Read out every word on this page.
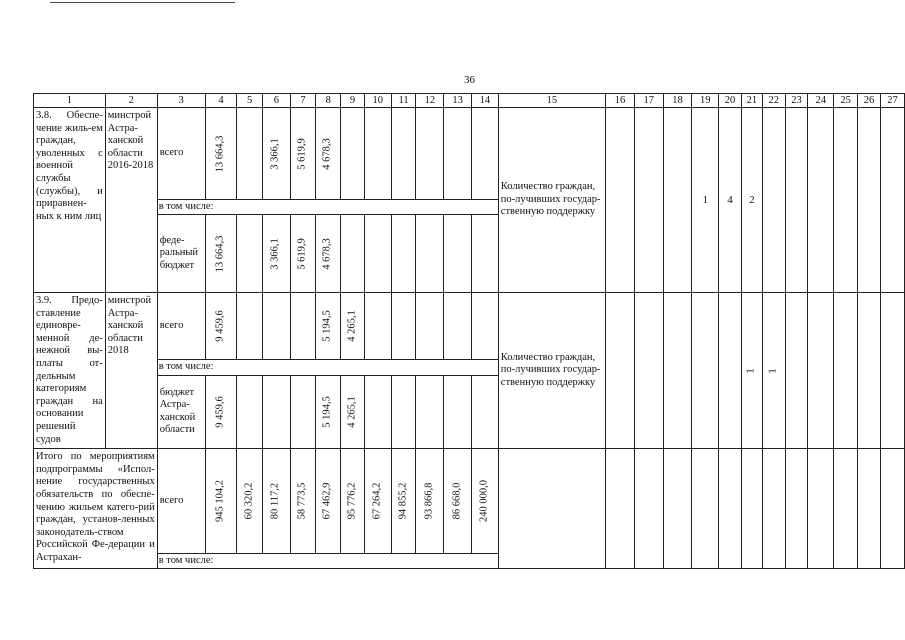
36
1	2	3	4	5	6	7	8	9	10	11	12	13	14	15	16	17	18	19	20	21	22	23	24	25	26	27
3.8. Обеспе-чение жиль-ем граждан, уволенных с военной службы (службы), и приравнен-ных к ним лиц	минстрой Астра-ханской области 2016-2018	всего	13 664,3		3 366,1	5 619,9	4 678,3							Количество граждан, по-лучивших государ-ственную поддержку				1	4	2						
		в том числе:																								

		феде-ральный бюджет	13 664,3		3 366,1	5 619,9	4 678,3																			

3.9. Предо-ставление единовре-менной де-нежной вы-платы от-дельным категориям граждан на основании решений судов	минстрой Астра-ханской области 2018	всего	9 459,6				5 194,5	4 265,1						Количество граждан, по-лучивших государ-ственную поддержку						1	1					

		в том числе:																								

		бюджет Астра-ханской области	9 459,6				5 194,5	4 265,1																		

Итого по мероприятиям подпрограммы «Испол-нение государственных обязательств по обеспе-чению жильем катего-рий граждан, установ-ленных законодатель-ством Российской Фе-дерации и Астрахан-		всего	945 104,2	60 320,2	80 117,2	58 773,5	67 462,9	95 776,2	67 264,2	94 855,2	93 866,8	86 668,0	240 000,0													

		в том числе:																								
